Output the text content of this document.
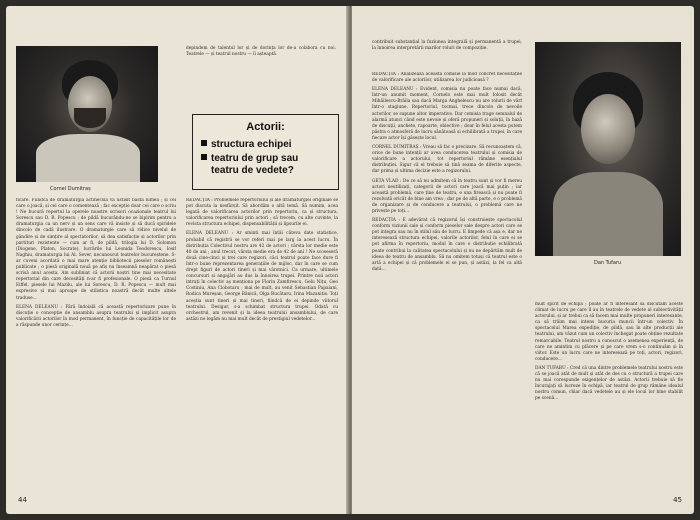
Cornel Dumitraș

depindem de talentul lor și de dorința lor de-a colabora cu noi. Teatrele — și teatrul nostru — îi așteaptă.

Actorii:
structura echipei
teatru de grup sau
teatru de vedete?

ficare. Fiindcă de dramaturgia actinecsiă va ustisit bastă lumea ; și cei care o joacă, și cei care o comentează ; fac excepție doar cei care o scriu ! Ne bucură repertul la operele noastre scrisori ocazionale teatrul lui Sorescu sau D. R. Popescu ; de pildă bucurându-ne se bipirim pentru a dramaturgia ca un nerv și un sens care vă insiste și să ducă spiridele dincolo de cadă ilustrare. O dramaturgie care să ridice nivelul de gândire și de simțire al spectatorilor, să dea satisfacție și actorilor prin partituri rezistente — cum ar fi, de pildă, trilogia lui D. Solomon (Diogene, Platon, Socrate), lucrările lui Leonida Teodorescu, Iosif Naghiu, dramaturgia lui Al. Sever, necunoscut teatrelor bucureștene. S-ar cuveni acordată o mai mare atenție bibliotecii pieselor românești publicate ; o piesă originală nouă pe afiș nu înseamnă neapărat o piesă scrisă anul acesta. Am subliniat că actorii noștri ține mai necesitate repertorial din care decesități n-ar fi profesionale. O piesă ca Turnul Eiffel, piesele lui Mazilu, ale lui Sorescu, D. R. Popescu — mult mai expresive și mai aproape de stilistica noastră decât multe altele traduse...

ELENA DELEANU : Fără îndoială că această repertorizare pune în discuție o concepție de ansamblu asupra teatrului și implicit asupra valorificării actorilor în mod permanent, în funcție de capacitățile lor de a răspunde unor cerințe...

REDACȚIA : Problemele repertoriului și ale dramaturgiei originale se pot discuta la nesfârșit. Să abordăm o altă temă. Să numim, acea legată de valorificarea actorilor prin repertoriu, ca și structura, valorificarea repertoriului prin actori ; să trecem, cu alte cuvinte, la revista structura echipei, dispensabilității și lipsurile ei.

ELENA DELEANU : Ar sminti mai întâi câteva date statistice, probabil că registrii se vor referi mai pe larg la acest lucru. În distribuția Colectivul nostru are 42 de actori ; vârsta lor medie este 40 de ani ; anul trecut, vârsta medie era de 42 de ani ! Ne scoseseră două cine-cinci și trei care regizori, căci teatrul poate face dure fi într-o bune reprezentarea generațiile de mijloc, dar în care se cum drept figuri de actori tineri și mai vârstnici. Ca urmare, ultimele concursuri și angajări au dus la înnoirea trupei. Printre noii actori intrați în colectiv aș menționa pe Florin Zamfirescu, Gelu Nițu, Geo Costiniu, Ana Ciobotaru ; mai de mult, au venit Sebastian Papaiani, Rodica Mureșan, George Bănică, Olga Bucătaru, Irina Mazanitis. Toți aceștia sunt tineri și mai tineri, fiindcă de ei depinde viitorul teatrului. Desigur, s-a schimbat structura trupei. Odată cu orchestrul, am revenit și la ideea teatrului ansamblului, de care astăzi ne legăm nu mai mult decât de prestigiul vedetelor...

44

contribuit substanțial la fuziunea integrală și permanentă a trupei, la înnoirea interpretării marilor roluri de compoziție.

REDACȚIA : Analizează această comisie la mod concret necesitățile de valorificare ale actorilor, utilizarea lor judicioasă ?

ELENA DELEANU : Evident, comisia nu poate face numai dacă, într-un anumit moment, Cornelo este mai mult folosit decât Mihăilescu-Brăila sau dacă Marga Anghelescu nu are rolurii de vârf într-o stagiune. Repertoriul, tocmai, trece dincolo de nevoile actorilor, se supune altor imperative. Dar comisia trage semnalul de alarmă atunci când este nevoie și oferă propuneri și soluții, în bază de discuții, anchete, rapoarte, obiective ; doar în felul acesta putem păstra o atmosferă de lucru sănătoasă și echilibrată a trupei, în care fiecare actor își găsește locul.

CORNEL DUMITRAȘ : Vreau să fac o precizare. Să recunoaștem că, orice de bune intenții ar avea conducerea teatrului și comisia de valorificare a actorului, tot repertoriul rămâne esențialul distribuției. Sigur că el trebuie să țină seama de diferite aspecte, dar prima și ultima decizie este a regizorului.

GETA VLAD : De ce să nu admitem că în teatru sunt și vor fi mereu actori neutilizați, categorii de actori care joacă mai puțin ; iar această problemă, care ține de teatru, e una firească și nu poate fi rezolvată oricât de bine am vrea ; dar pe de altă parte, e o problemă de organizare și de conducere a teatrului, o problemă care ne privește pe toți...

REDACȚIA : E adevărat că regizorul își construiește spectacolul conform viziunii sale și conform pieselor sale despre actori care se pot integra sau nu în stilul său de lucru. E limpede că așa e, dar ne interesează structura echipei, valorile actorilor, felul în care ei se pot afirma în repertoriu, modul în care o distribuție echilibrată poate contribui la calitatea spectacolului și nu ne depărtăm mult de ideea de teatru de ansamblu. Să nu omitem totuși că teatrul este o artă a echipei și că problemele ei se pun, și astăzi, la fel ca altă dată...

Dan Tufaru

mult spirit de echipă ; poate ar fi interesant să discutăm aceste climat de lucru pe care îl au în teatrele de vedete al subiectivității actorului, și ar trebui ca să facem mai multe propuneri interesante, ca să trăim mai intens bucuria muncii într-un colectiv. În spectacolul Marea expediție, de pildă, sau în alte producții ale teatrului, am văzut cum un colectiv închegat poate obține rezultate remarcabile. Teatrul nostru a cunoscut o asemenea experiență, de care ne amintim cu plăcere și pe care vrem s-o continuăm și în viitor. Este un lucru care ne interesează pe toți, actori, regizori, conducere...

DAN TUFARU : Cred că una dintre problemele teatrului nostru este că se joacă atât de mult și atât de des cu o structură a trupei care nu mai corespunde exigențelor de astăzi. Actorii trebuie să fie încurajați să lucreze în echipă, iar teatrul de grup rămâne idealul nostru comun, chiar dacă vedetele au și ele locul lor bine stabilit pe scenă...

45
